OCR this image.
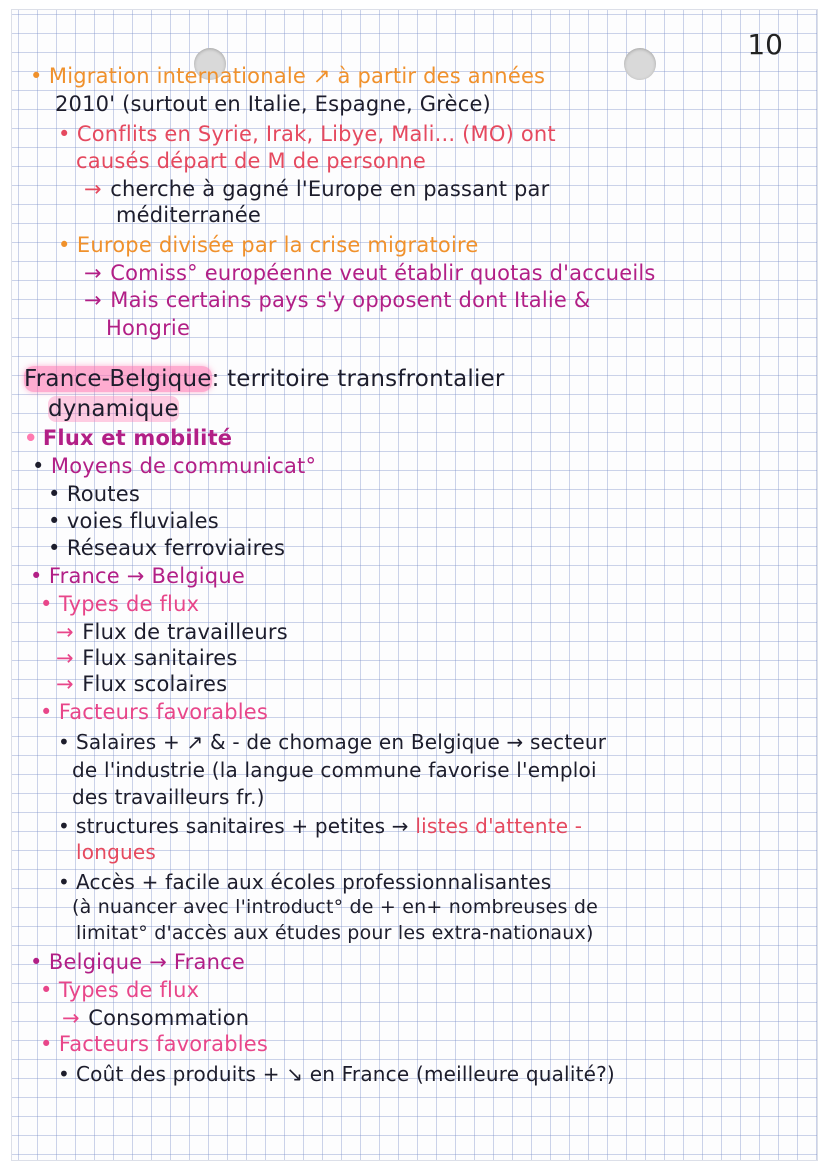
10
• Migration internationale ↗ à partir des années
2010' (surtout en Italie, Espagne, Grèce)
• Conflits en Syrie, Irak, Libye, Mali... (MO) ont
causés départ de M de personne
→ cherche à gagné l'Europe en passant par
méditerranée
• Europe divisée par la crise migratoire
→ Comiss° européenne veut établir quotas d'accueils
→ Mais certains pays s'y opposent dont Italie &
Hongrie
France-Belgique: territoire transfrontalier
dynamique
• Flux et mobilité
• Moyens de communicat°
• Routes
• voies fluviales
• Réseaux ferroviaires
• France → Belgique
• Types de flux
→ Flux de travailleurs
→ Flux sanitaires
→ Flux scolaires
• Facteurs favorables
• Salaires + ↗ & - de chomage en Belgique → secteur
de l'industrie (la langue commune favorise l'emploi
des travailleurs fr.)
• structures sanitaires + petites → listes d'attente -
longues
• Accès + facile aux écoles professionnalisantes
(à nuancer avec l'introduct° de + en+ nombreuses de
limitat° d'accès aux études pour les extra-nationaux)
• Belgique → France
• Types de flux
→ Consommation
• Facteurs favorables
• Coût des produits + ↘ en France (meilleure qualité?)
